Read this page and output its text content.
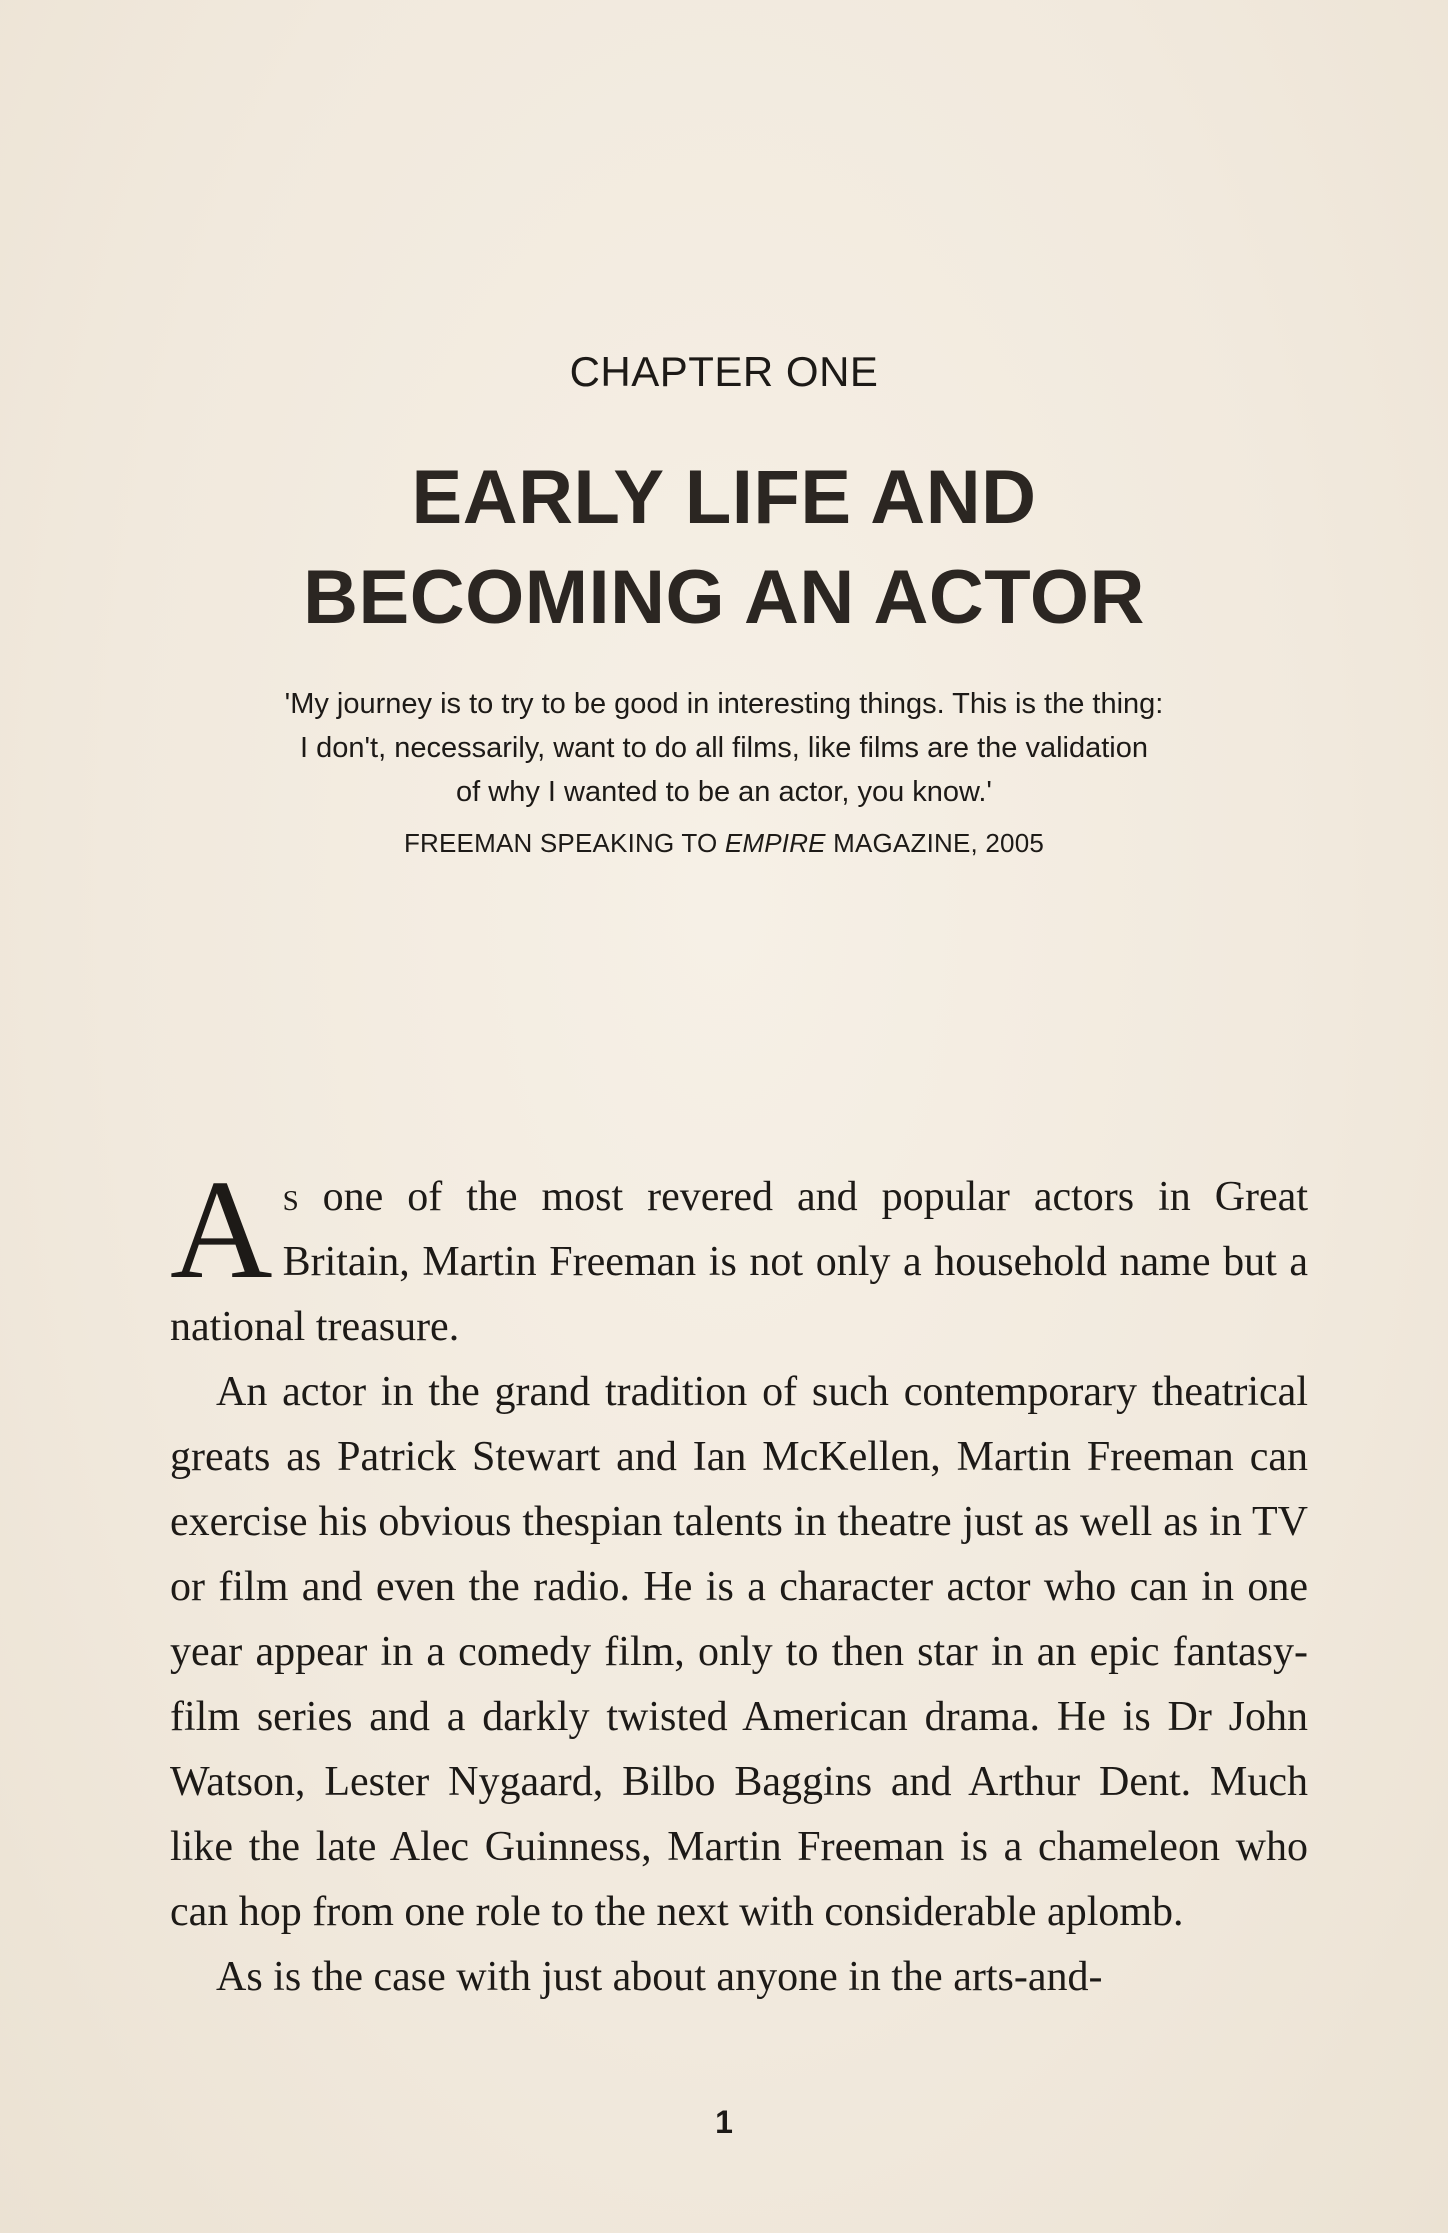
CHAPTER ONE
EARLY LIFE AND
BECOMING AN ACTOR
'My journey is to try to be good in interesting things. This is the thing:
I don't, necessarily, want to do all films, like films are the validation
of why I wanted to be an actor, you know.'
FREEMAN SPEAKING TO EMPIRE MAGAZINE, 2005

As one of the most revered and popular actors in Great Britain, Martin Freeman is not only a household name but a national treasure.

An actor in the grand tradition of such contemporary theatrical greats as Patrick Stewart and Ian McKellen, Martin Freeman can exercise his obvious thespian talents in theatre just as well as in TV or film and even the radio. He is a character actor who can in one year appear in a comedy film, only to then star in an epic fantasy-film series and a darkly twisted American drama. He is Dr John Watson, Lester Nygaard, Bilbo Baggins and Arthur Dent. Much like the late Alec Guinness, Martin Freeman is a chameleon who can hop from one role to the next with considerable aplomb.

As is the case with just about anyone in the arts-and-

1
